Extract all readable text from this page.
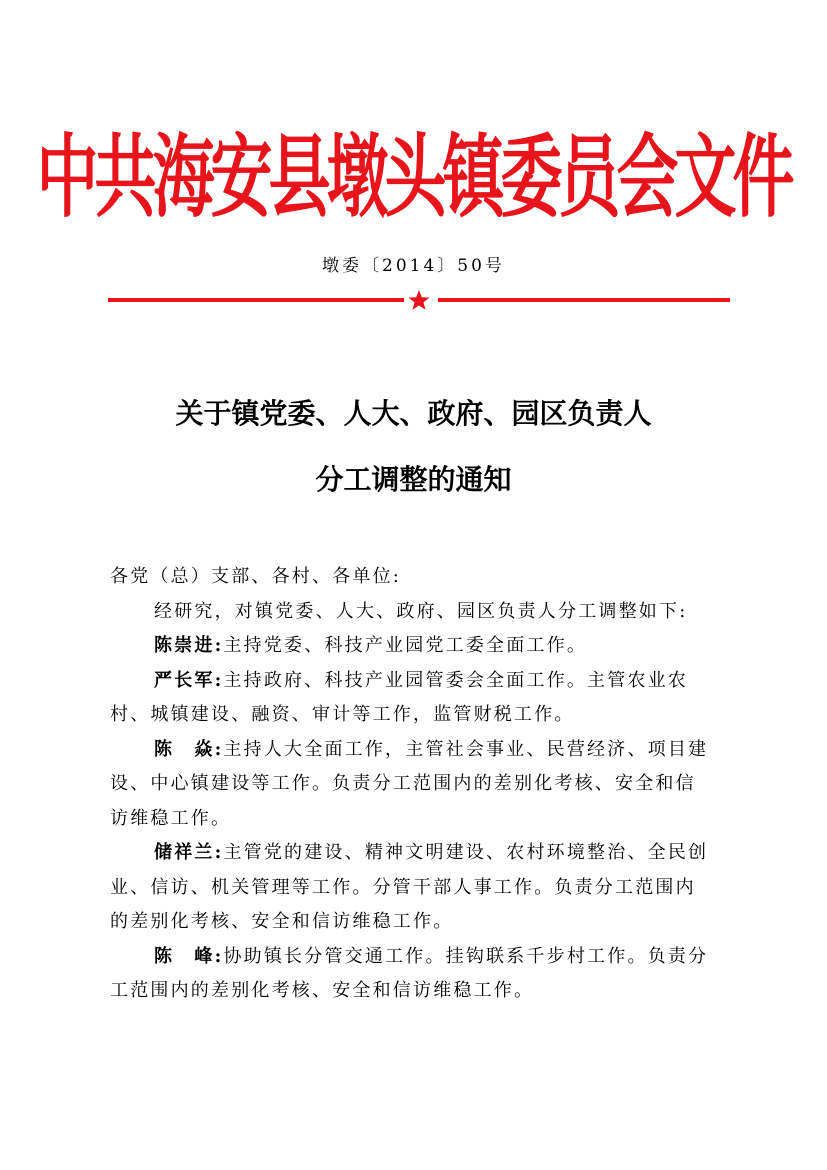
中共海安县墩头镇委员会文件
墩委〔2014〕50号
关于镇党委、人大、政府、园区负责人
分工调整的通知

各党（总）支部、各村、各单位:

经研究，对镇党委、人大、政府、园区负责人分工调整如下:

陈崇进:主持党委、科技产业园党工委全面工作。

严长军:主持政府、科技产业园管委会全面工作。主管农业农村、城镇建设、融资、审计等工作，监管财税工作。

陈　焱:主持人大全面工作，主管社会事业、民营经济、项目建设、中心镇建设等工作。负责分工范围内的差别化考核、安全和信访维稳工作。

储祥兰:主管党的建设、精神文明建设、农村环境整治、全民创业、信访、机关管理等工作。分管干部人事工作。负责分工范围内的差别化考核、安全和信访维稳工作。

陈　峰:协助镇长分管交通工作。挂钩联系千步村工作。负责分工范围内的差别化考核、安全和信访维稳工作。
